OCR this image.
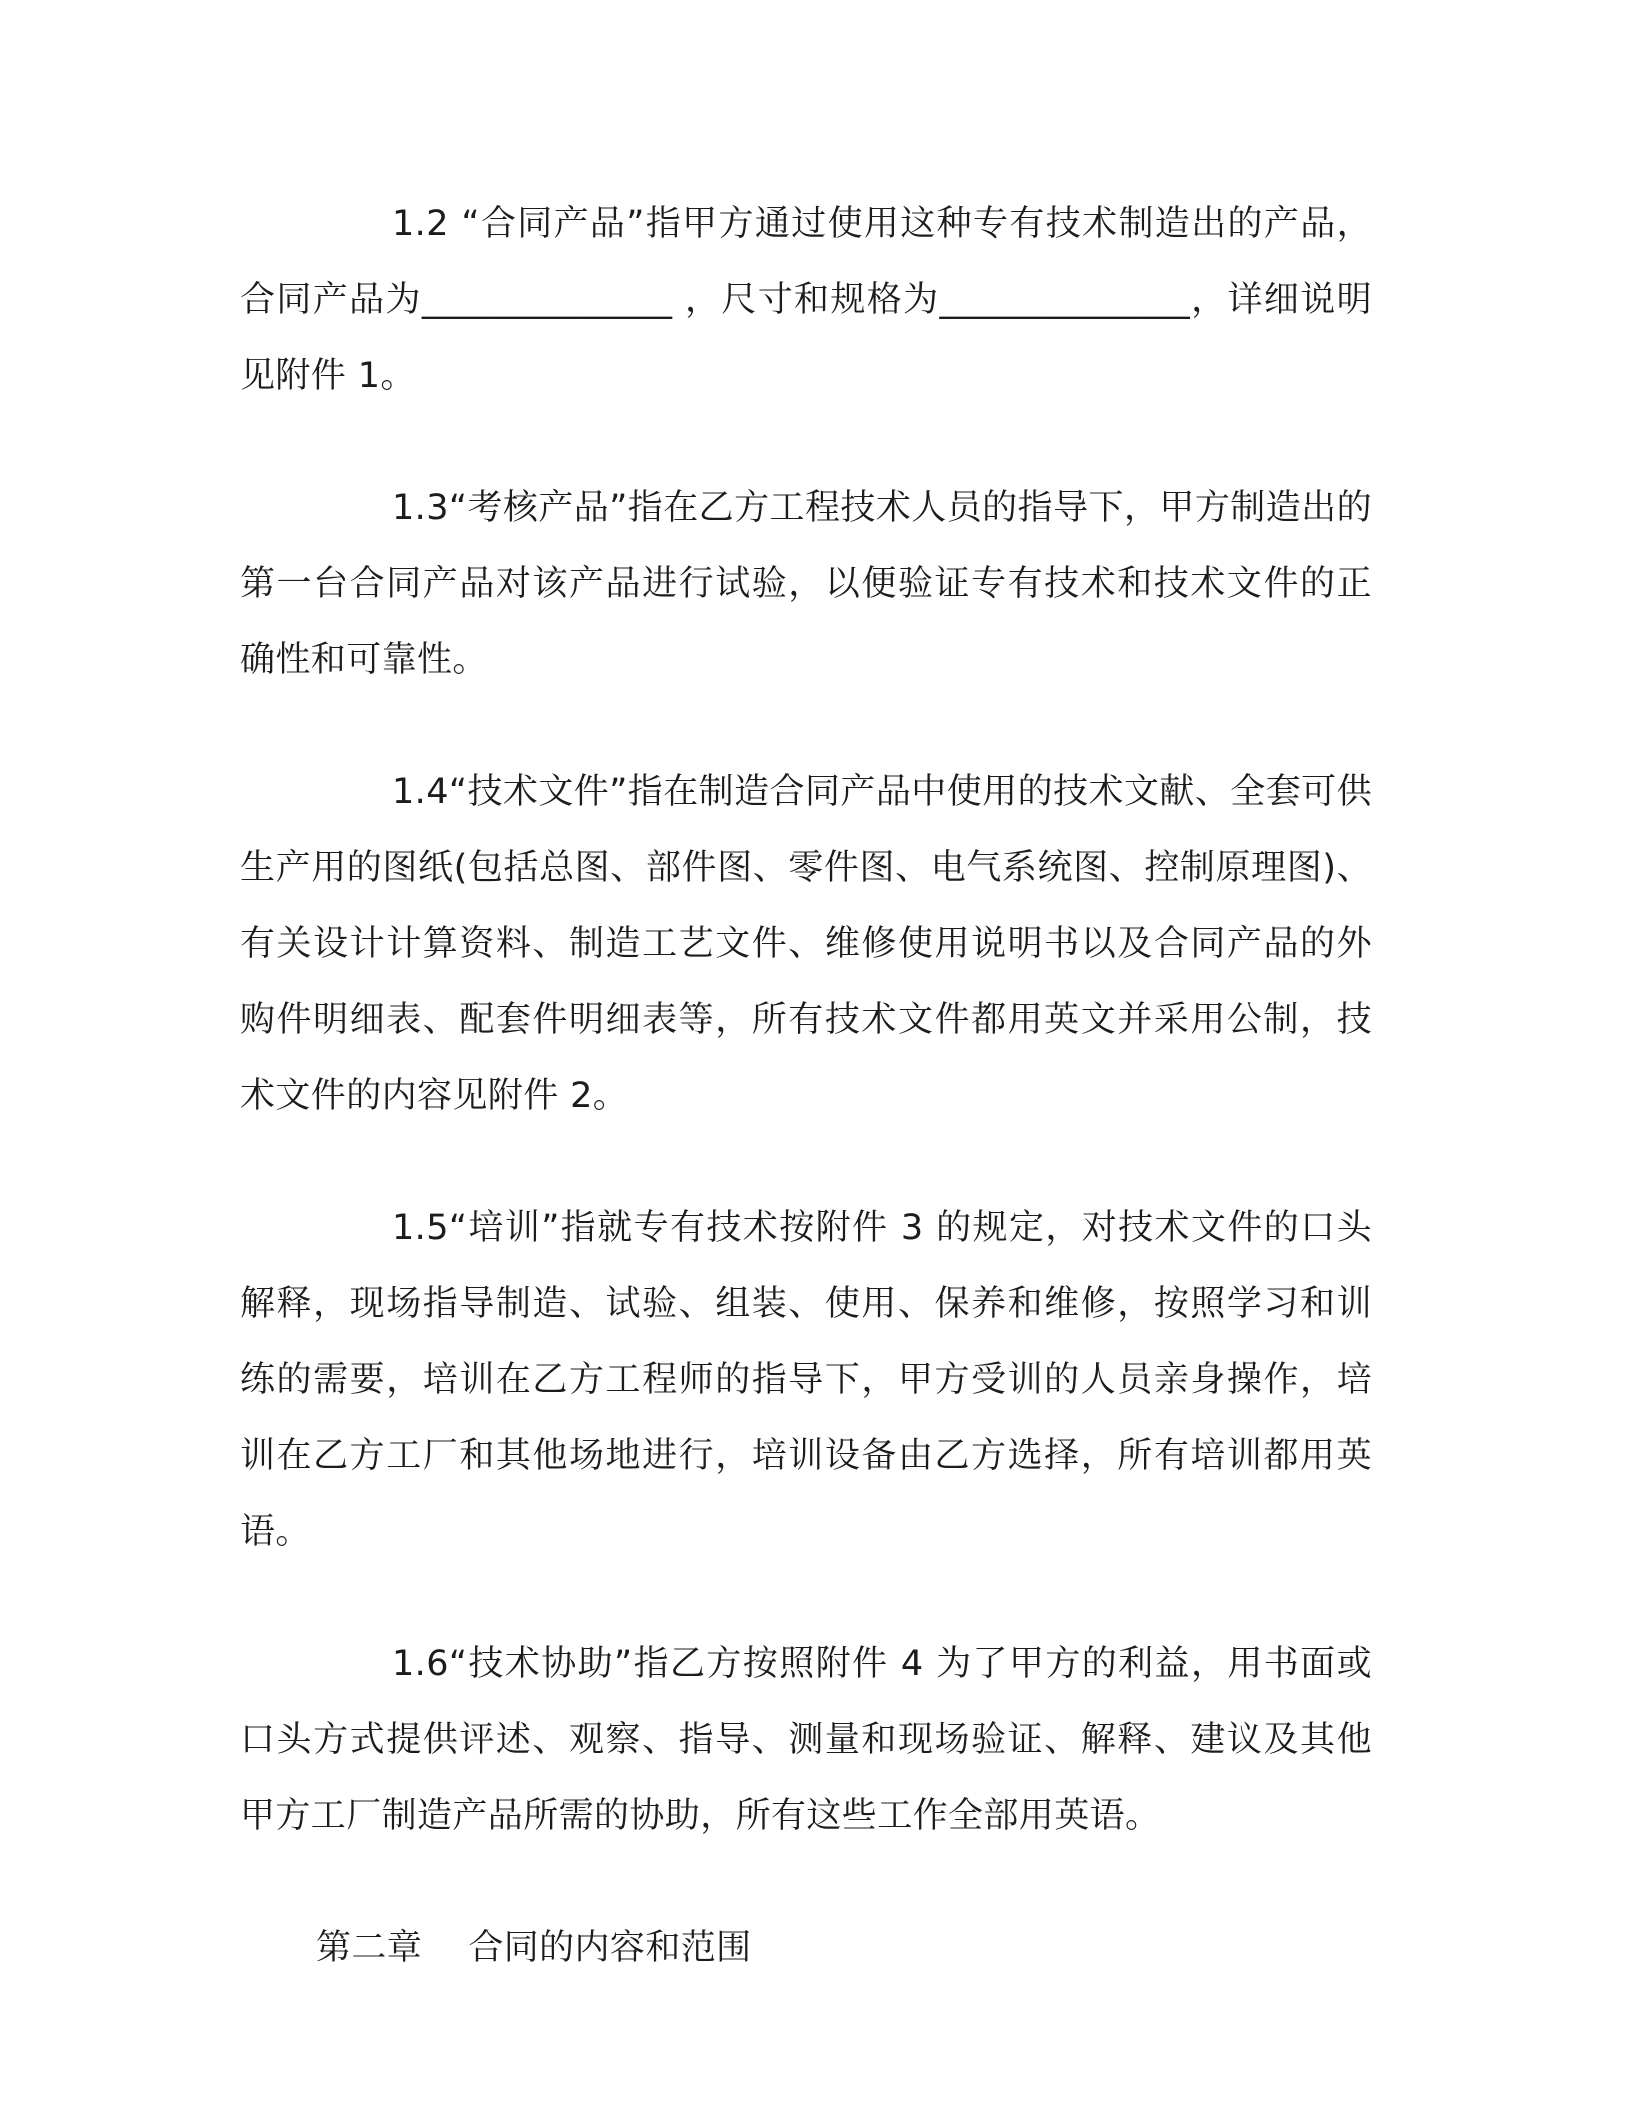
1.2 “合同产品”指甲方通过使用这种专有技术制造出的产品，合同产品为______________ ，尺寸和规格为______________，详细说明见附件 1。

1.3“考核产品”指在乙方工程技术人员的指导下，甲方制造出的第一台合同产品对该产品进行试验，以便验证专有技术和技术文件的正确性和可靠性。

1.4“技术文件”指在制造合同产品中使用的技术文献、全套可供生产用的图纸(包括总图、部件图、零件图、电气系统图、控制原理图)、有关设计计算资料、制造工艺文件、维修使用说明书以及合同产品的外购件明细表、配套件明细表等，所有技术文件都用英文并采用公制，技术文件的内容见附件 2。

1.5“培训”指就专有技术按附件 3 的规定，对技术文件的口头解释，现场指导制造、试验、组装、使用、保养和维修，按照学习和训练的需要，培训在乙方工程师的指导下，甲方受训的人员亲身操作，培训在乙方工厂和其他场地进行，培训设备由乙方选择，所有培训都用英语。

1.6“技术协助”指乙方按照附件 4 为了甲方的利益，用书面或口头方式提供评述、观察、指导、测量和现场验证、解释、建议及其他甲方工厂制造产品所需的协助，所有这些工作全部用英语。

第二章 合同的内容和范围
